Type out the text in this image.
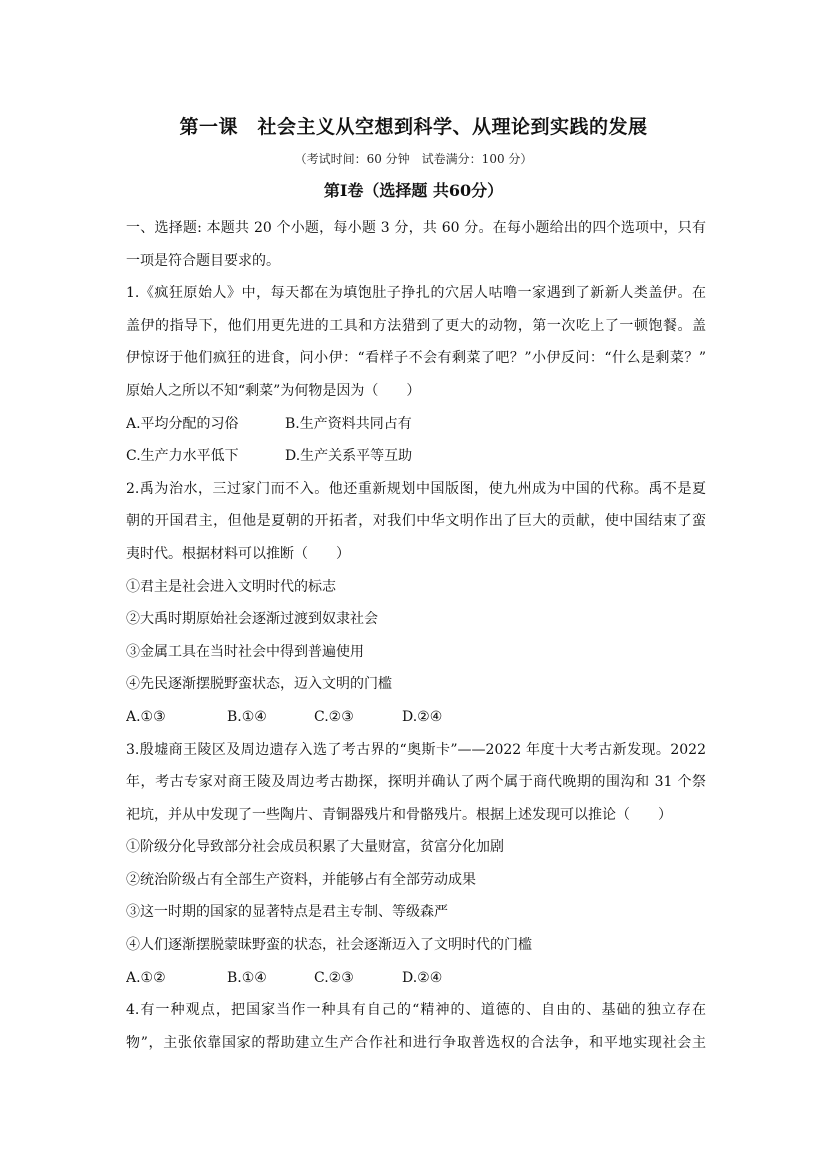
第一课　社会主义从空想到科学、从理论到实践的发展
（考试时间：60 分钟　试卷满分：100 分）
第Ⅰ卷（选择题 共60分）
一、选择题: 本题共 20 个小题，每小题 3 分，共 60 分。在每小题给出的四个选项中，只有
一项是符合题目要求的。
1.《疯狂原始人》中，每天都在为填饱肚子挣扎的穴居人咕噜一家遇到了新新人类盖伊。在
盖伊的指导下，他们用更先进的工具和方法猎到了更大的动物，第一次吃上了一顿饱餐。盖
伊惊讶于他们疯狂的进食，问小伊：“看样子不会有剩菜了吧？”小伊反问：“什么是剩菜？”
原始人之所以不知“剩菜”为何物是因为（　　）
A.平均分配的习俗	B.生产资料共同占有
C.生产力水平低下	D.生产关系平等互助
2.禹为治水，三过家门而不入。他还重新规划中国版图，使九州成为中国的代称。禹不是夏
朝的开国君主，但他是夏朝的开拓者，对我们中华文明作出了巨大的贡献，使中国结束了蛮
夷时代。根据材料可以推断（　　）
①君主是社会进入文明时代的标志
②大禹时期原始社会逐渐过渡到奴隶社会
③金属工具在当时社会中得到普遍使用
④先民逐渐摆脱野蛮状态，迈入文明的门槛
A.①③	B.①④	C.②③	D.②④
3.殷墟商王陵区及周边遗存入选了考古界的“奥斯卡”——2022 年度十大考古新发现。2022
年，考古专家对商王陵及周边考古勘探，探明并确认了两个属于商代晚期的围沟和 31 个祭
祀坑，并从中发现了一些陶片、青铜器残片和骨骼残片。根据上述发现可以推论（　　）
①阶级分化导致部分社会成员积累了大量财富，贫富分化加剧
②统治阶级占有全部生产资料，并能够占有全部劳动成果
③这一时期的国家的显著特点是君主专制、等级森严
④人们逐渐摆脱蒙昧野蛮的状态，社会逐渐迈入了文明时代的门槛
A.①②	B.①④	C.②③	D.②④
4.有一种观点，把国家当作一种具有自己的“精神的、道德的、自由的、基础的独立存在
物”，主张依靠国家的帮助建立生产合作社和进行争取普选权的合法争，和平地实现社会主
